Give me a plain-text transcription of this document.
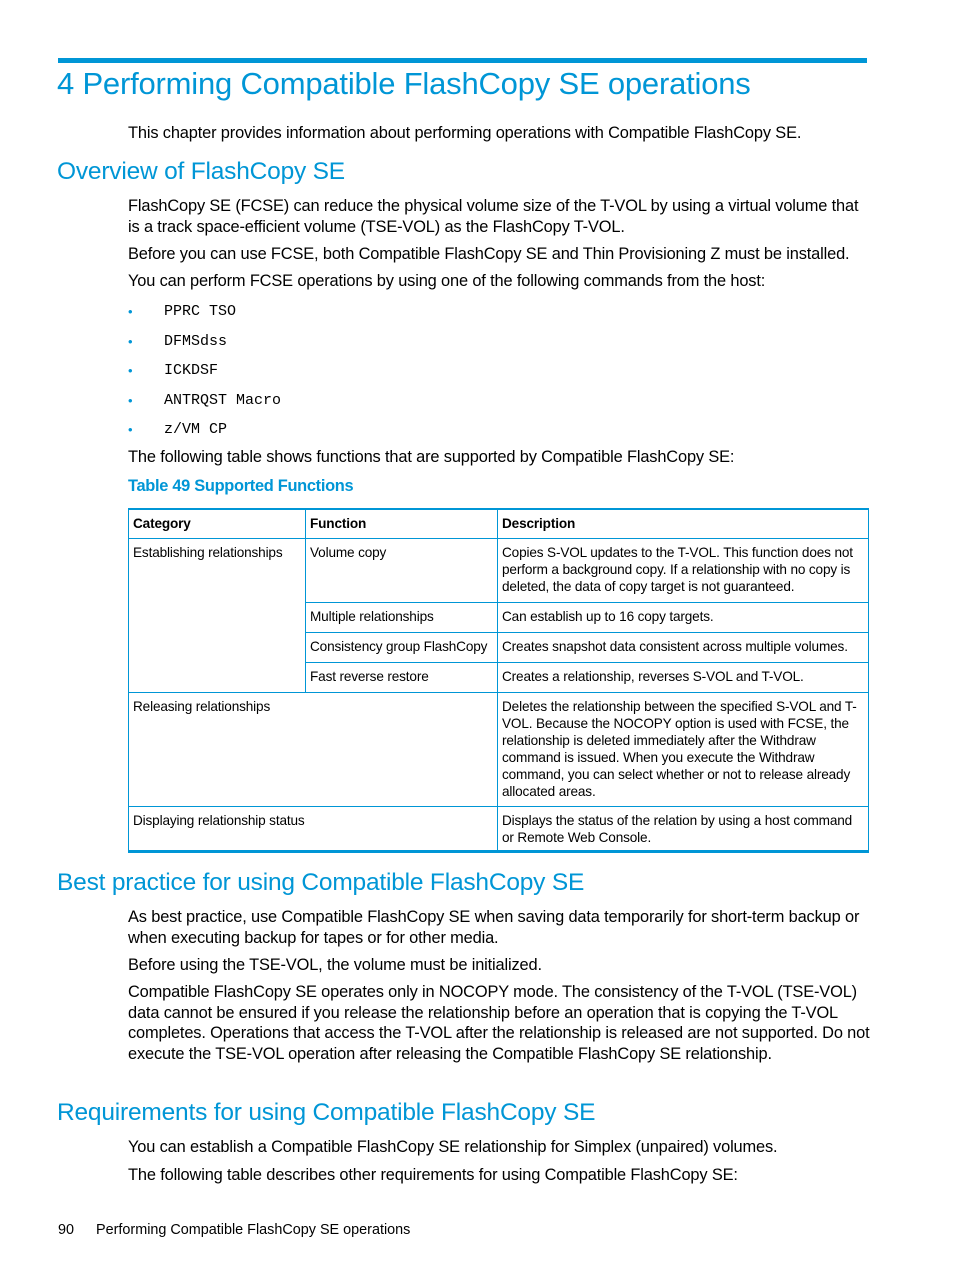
4 Performing Compatible FlashCopy SE operations
This chapter provides information about performing operations with Compatible FlashCopy SE.
Overview of FlashCopy SE
FlashCopy SE (FCSE) can reduce the physical volume size of the T-VOL by using a virtual volume that is a track space-efficient volume (TSE-VOL) as the FlashCopy T-VOL.
Before you can use FCSE, both Compatible FlashCopy SE and Thin Provisioning Z must be installed.
You can perform FCSE operations by using one of the following commands from the host:
• PPRC TSO
• DFMSdss
• ICKDSF
• ANTRQST Macro
• z/VM CP
The following table shows functions that are supported by Compatible FlashCopy SE:
Table 49 Supported Functions
Category	Function	Description
Establishing relationships	Volume copy	Copies S-VOL updates to the T-VOL. This function does not perform a background copy. If a relationship with no copy is deleted, the data of copy target is not guaranteed.
	Multiple relationships	Can establish up to 16 copy targets.
	Consistency group FlashCopy	Creates snapshot data consistent across multiple volumes.
	Fast reverse restore	Creates a relationship, reverses S-VOL and T-VOL.
Releasing relationships		Deletes the relationship between the specified S-VOL and T-VOL. Because the NOCOPY option is used with FCSE, the relationship is deleted immediately after the Withdraw command is issued. When you execute the Withdraw command, you can select whether or not to release already allocated areas.
Displaying relationship status		Displays the status of the relation by using a host command or Remote Web Console.
Best practice for using Compatible FlashCopy SE
As best practice, use Compatible FlashCopy SE when saving data temporarily for short-term backup or when executing backup for tapes or for other media.
Before using the TSE-VOL, the volume must be initialized.
Compatible FlashCopy SE operates only in NOCOPY mode. The consistency of the T-VOL (TSE-VOL) data cannot be ensured if you release the relationship before an operation that is copying the T-VOL completes. Operations that access the T-VOL after the relationship is released are not supported. Do not execute the TSE-VOL operation after releasing the Compatible FlashCopy SE relationship.
Requirements for using Compatible FlashCopy SE
You can establish a Compatible FlashCopy SE relationship for Simplex (unpaired) volumes.
The following table describes other requirements for using Compatible FlashCopy SE:
90 Performing Compatible FlashCopy SE operations
